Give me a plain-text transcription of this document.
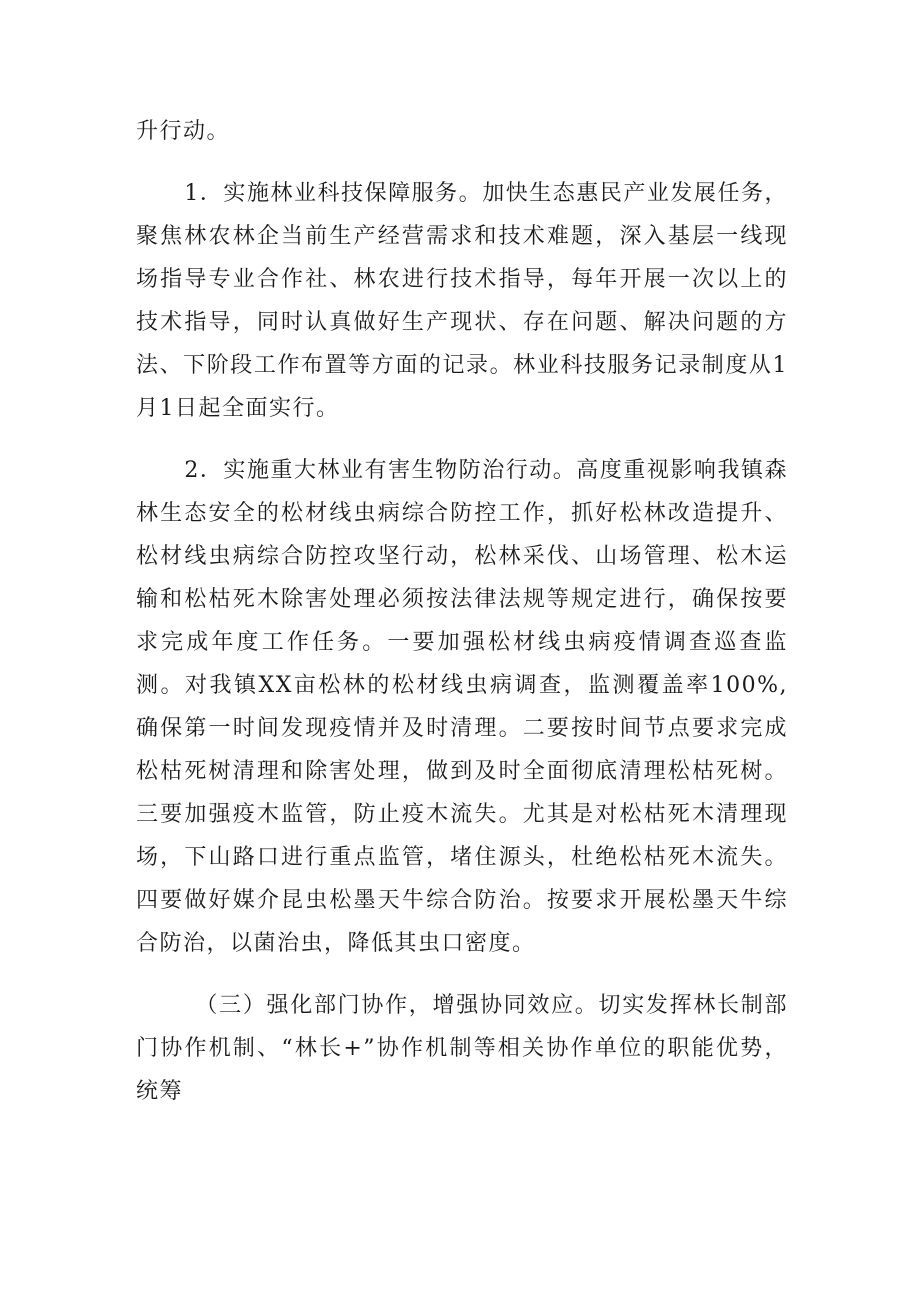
升行动。

1．实施林业科技保障服务。加快生态惠民产业发展任务，聚焦林农林企当前生产经营需求和技术难题，深入基层一线现场指导专业合作社、林农进行技术指导，每年开展一次以上的技术指导，同时认真做好生产现状、存在问题、解决问题的方法、下阶段工作布置等方面的记录。林业科技服务记录制度从1月1日起全面实行。

2．实施重大林业有害生物防治行动。高度重视影响我镇森林生态安全的松材线虫病综合防控工作，抓好松林改造提升、松材线虫病综合防控攻坚行动，松林采伐、山场管理、松木运输和松枯死木除害处理必须按法律法规等规定进行，确保按要求完成年度工作任务。一要加强松材线虫病疫情调查巡查监测。对我镇XX亩松林的松材线虫病调查，监测覆盖率100%,确保第一时间发现疫情并及时清理。二要按时间节点要求完成松枯死树清理和除害处理，做到及时全面彻底清理松枯死树。三要加强疫木监管，防止疫木流失。尤其是对松枯死木清理现场，下山路口进行重点监管，堵住源头，杜绝松枯死木流失。四要做好媒介昆虫松墨天牛综合防治。按要求开展松墨天牛综合防治，以菌治虫，降低其虫口密度。

（三）强化部门协作，增强协同效应。切实发挥林长制部门协作机制、“林长+”协作机制等相关协作单位的职能优势，统筹
